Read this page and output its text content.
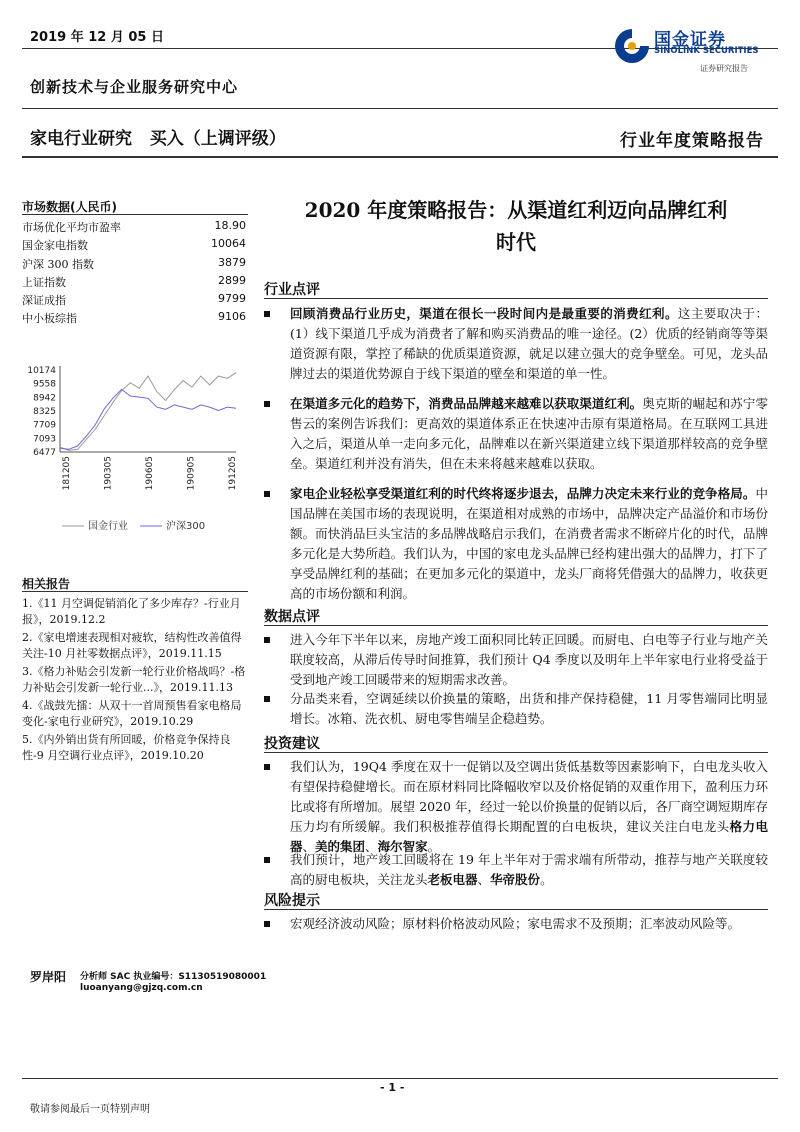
2019 年 12 月 05 日	国金证券
SINOLINK SECURITIES
证券研究报告
创新技术与企业服务研究中心
家电行业研究 买入（上调评级）	行业年度策略报告
市场数据(人民币)
市场优化平均市盈率	18.90
国金家电指数	10064
沪深 300 指数	3879
上证指数	2899
深证成指	9799
中小板综指	9106
10174
9558
8942
8325
7709
7093
6477
181205	190305	190605	190905	191205
国金行业	沪深300
相关报告
1.《11 月空调促销消化了多少库存？-行业月报》，2019.12.2
2.《家电增速表现相对疲软，结构性改善值得关注-10 月社零数据点评》，2019.11.15
3.《格力补贴会引发新一轮行业价格战吗？-格力补贴会引发新一轮行业...》，2019.11.13
4.《战鼓先擂：从双十一首周预售看家电格局变化-家电行业研究》，2019.10.29
5.《内外销出货有所回暖，价格竞争保持良性-9 月空调行业点评》，2019.10.20
2020 年度策略报告：从渠道红利迈向品牌红利
时代
行业点评
回顾消费品行业历史，渠道在很长一段时间内是最重要的消费红利。这主要取决于：(1）线下渠道几乎成为消费者了解和购买消费品的唯一途径。(2）优质的经销商等等渠道资源有限，掌控了稀缺的优质渠道资源，就足以建立强大的竞争壁垒。可见，龙头品牌过去的渠道优势源自于线下渠道的壁垒和渠道的单一性。
在渠道多元化的趋势下，消费品品牌越来越难以获取渠道红利。奥克斯的崛起和苏宁零售云的案例告诉我们：更高效的渠道体系正在快速冲击原有渠道格局。在互联网工具进入之后，渠道从单一走向多元化，品牌难以在新兴渠道建立线下渠道那样较高的竞争壁垒。渠道红利并没有消失，但在未来将越来越难以获取。
家电企业轻松享受渠道红利的时代终将逐步退去，品牌力决定未来行业的竞争格局。中国品牌在美国市场的表现说明，在渠道相对成熟的市场中，品牌决定产品溢价和市场份额。而快消品巨头宝洁的多品牌战略启示我们，在消费者需求不断碎片化的时代，品牌多元化是大势所趋。我们认为，中国的家电龙头品牌已经构建出强大的品牌力，打下了享受品牌红利的基础；在更加多元化的渠道中，龙头厂商将凭借强大的品牌力，收获更高的市场份额和利润。
数据点评
进入今年下半年以来，房地产竣工面积同比转正回暖。而厨电、白电等子行业与地产关联度较高，从滞后传导时间推算，我们预计 Q4 季度以及明年上半年家电行业将受益于受到地产竣工回暖带来的短期需求改善。
分品类来看，空调延续以价换量的策略，出货和排产保持稳健，11 月零售端同比明显增长。冰箱、洗衣机、厨电零售端呈企稳趋势。
投资建议
我们认为，19Q4 季度在双十一促销以及空调出货低基数等因素影响下，白电龙头收入有望保持稳健增长。而在原材料同比降幅收窄以及价格促销的双重作用下，盈利压力环比或将有所增加。展望 2020 年，经过一轮以价换量的促销以后，各厂商空调短期库存压力均有所缓解。我们积极推荐值得长期配置的白电板块，建议关注白电龙头格力电器、美的集团、海尔智家。
我们预计，地产竣工回暖将在 19 年上半年对于需求端有所带动，推荐与地产关联度较高的厨电板块，关注龙头老板电器、华帝股份。
风险提示
宏观经济波动风险；原材料价格波动风险；家电需求不及预期；汇率波动风险等。
罗岸阳 分析师 SAC 执业编号：S1130519080001
luoanyang@gjzq.com.cn
- 1 -
敬请参阅最后一页特别声明
